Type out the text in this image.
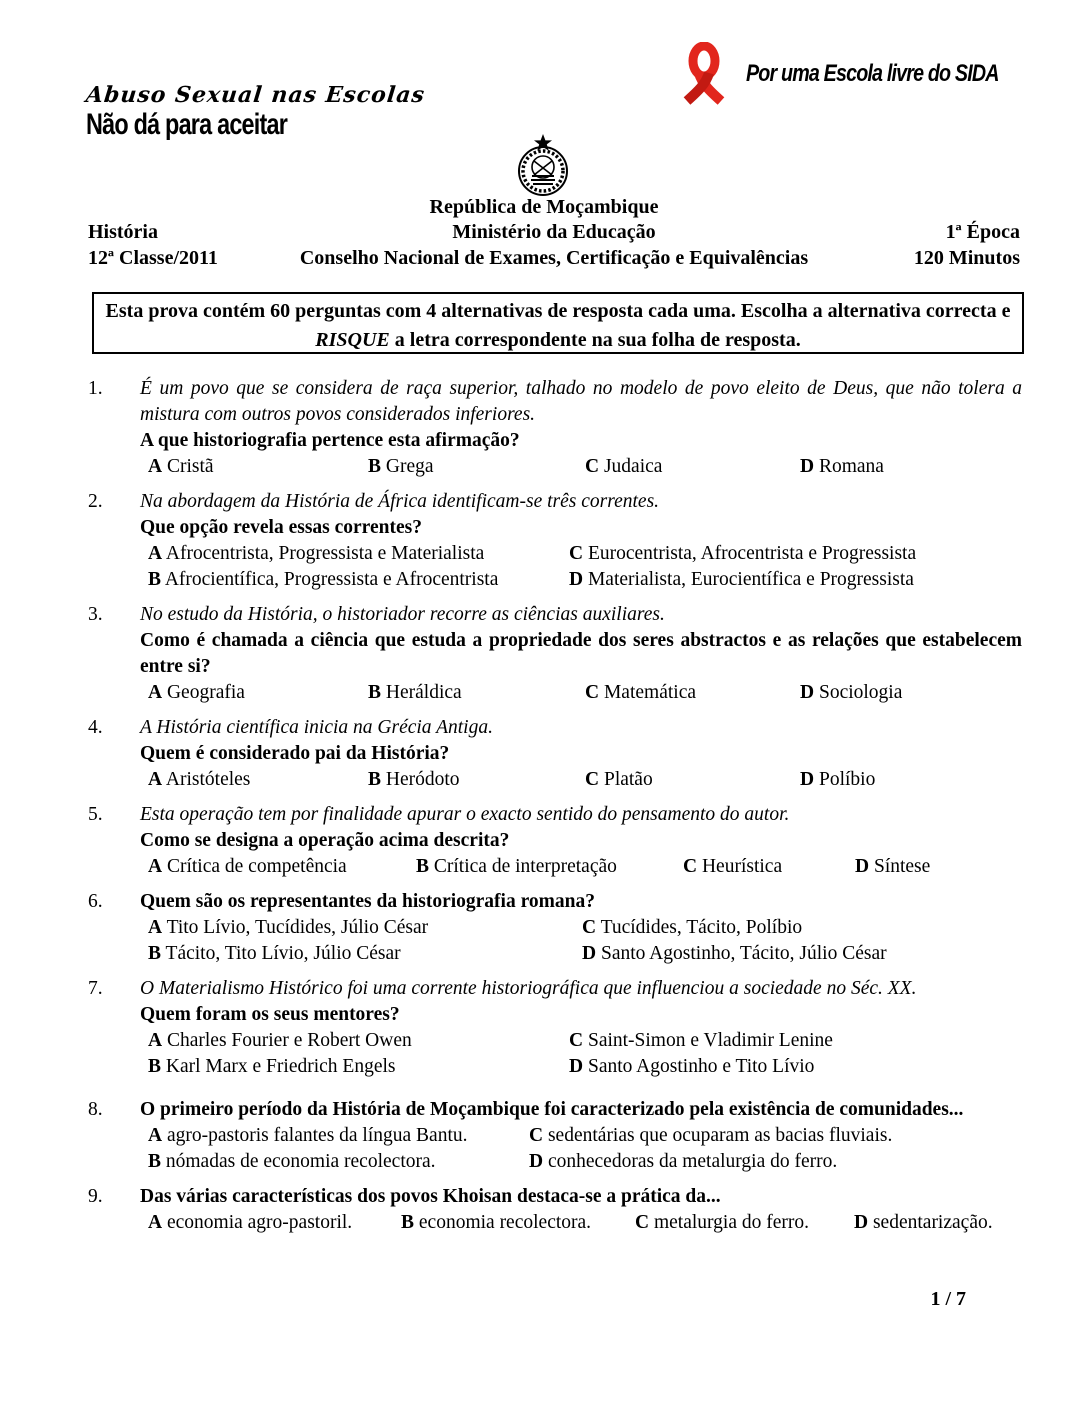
Abuso Sexual nas Escolas
Não dá para aceitar
Por uma Escola livre do SIDA
República de Moçambique
História	Ministério da Educação	1ª Época
12ª Classe/2011	Conselho Nacional de Exames, Certificação e Equivalências	120 Minutos
Esta prova contém 60 perguntas com 4 alternativas de resposta cada uma. Escolha a alternativa correcta e RISQUE a letra correspondente na sua folha de resposta.
1.	É um povo que se considera de raça superior, talhado no modelo de povo eleito de Deus, que não tolera a mistura com outros povos considerados inferiores.

A que historiografia pertence esta afirmação?

A Cristã	B Grega	C Judaica	D Romana
2.	Na abordagem da História de África identificam-se três correntes.

Que opção revela essas correntes?

A Afrocentrista, Progressista e Materialista	C Eurocentrista, Afrocentrista e Progressista
B Afrocientífica, Progressista e Afrocentrista	D Materialista, Eurocientífica e Progressista
3.	No estudo da História, o historiador recorre as ciências auxiliares.

Como é chamada a ciência que estuda a propriedade dos seres abstractos e as relações que estabelecem entre si?

A Geografia	B Heráldica	C Matemática	D Sociologia
4.	A História científica inicia na Grécia Antiga.

Quem é considerado pai da História?

A Aristóteles	B Heródoto	C Platão	D Políbio
5.	Esta operação tem por finalidade apurar o exacto sentido do pensamento do autor.

Como se designa a operação acima descrita?

A Crítica de competência	B Crítica de interpretação	C Heurística	D Síntese
6.	Quem são os representantes da historiografia romana?

A Tito Lívio, Tucídides, Júlio César	C Tucídides, Tácito, Políbio
B Tácito, Tito Lívio, Júlio César	D Santo Agostinho, Tácito, Júlio César
7.	O Materialismo Histórico foi uma corrente historiográfica que influenciou a sociedade no Séc. XX.

Quem foram os seus mentores?

A Charles Fourier e Robert Owen	C Saint-Simon e Vladimir Lenine
B Karl Marx e Friedrich Engels	D Santo Agostinho e Tito Lívio
8.	O primeiro período da História de Moçambique foi caracterizado pela existência de comunidades...

A agro-pastoris falantes da língua Bantu.	C sedentárias que ocuparam as bacias fluviais.
B nómadas de economia recolectora.	D conhecedoras da metalurgia do ferro.
9.	Das várias características dos povos Khoisan destaca-se a prática da...

A economia agro-pastoril.	B economia recolectora.	C metalurgia do ferro.	D sedentarização.
1 / 7
